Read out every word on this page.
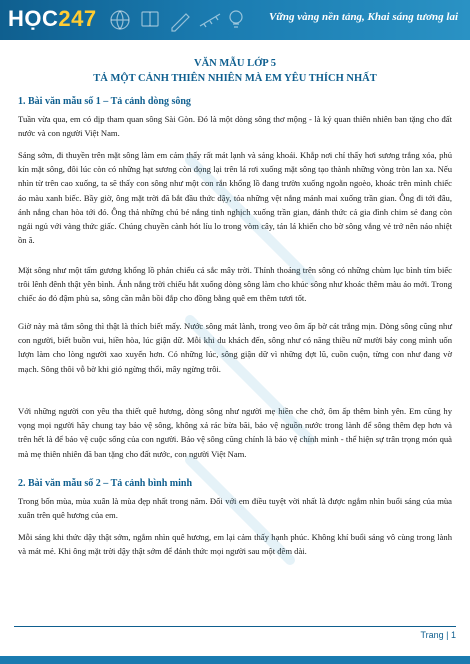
HỌC247	Vững vàng nền tảng, Khai sáng tương lai
VĂN MẪU LỚP 5
TẢ MỘT CẢNH THIÊN NHIÊN MÀ EM YÊU THÍCH NHẤT
1. Bài văn mẫu số 1 – Tả cảnh dòng sông

Tuần vừa qua, em có dịp tham quan sông Sài Gòn. Đó là một dòng sông thơ mộng - là ký quan thiên nhiên ban tặng cho đất nước và con người Việt Nam.

Sáng sớm, đi thuyền trên mặt sông làm em cảm thấy rất mát lạnh và sảng khoái. Khắp nơi chỉ thấy hơi sương trắng xóa, phủ kín mặt sông, đôi lúc còn có những hạt sương còn đọng lại trên lá rơi xuống mặt sông tạo thành những vòng tròn lan xa. Nếu nhìn từ trên cao xuống, ta sẽ thấy con sông như một con rắn khổng lồ đang trườn xuống ngoằn ngoèo, khoác trên mình chiếc áo màu xanh biếc. Bầy giờ, ông mặt trời đã bắt đầu thức dậy, tỏa những vệt nắng mảnh mai xuống trần gian. Ông đi tới đâu, ánh nắng chan hòa tới đó. Ông thả những chú bé nắng tinh nghịch xuống trần gian, đánh thức cả gia đình chim sẻ đang còn ngái ngủ với vàng thức giấc. Chúng chuyền cành hót líu lo trong vòm cây, tán lá khiến cho bờ sông vắng vẻ trở nên náo nhiệt ồn ã.

Mặt sông như một tấm gương khổng lồ phản chiếu cả sắc mây trời. Thỉnh thoảng trên sông có những chùm lục bình tím biếc trôi lênh đênh thật yên bình. Ánh nắng trời chiếu hắt xuống dòng sông làm cho khúc sông như khoác thêm màu áo mới. Trong chiếc áo đỏ đậm phù sa, sông cần mẫn bồi đắp cho đồng bằng quê em thêm tươi tốt.

Giờ này mà tắm sông thì thật là thích biết mấy. Nước sông mát lành, trong veo ôm ấp bờ cát trắng mịn. Dòng sông cũng như con người, biết buồn vui, hiền hòa, lúc giận dữ. Mỗi khi du khách đến, sông như có năng thiều nữ mười bảy cong mình uốn lượn làm cho lòng người xao xuyến hơn. Có những lúc, sông giận dữ vì những đợt lũ, cuồn cuộn, từng con như đang vờ mạch. Sông thôi vỗ bờ khi gió ngừng thổi, mây ngừng trôi.

Với những người con yêu tha thiết quê hương, dòng sông như người mẹ hiền che chở, ôm ấp thêm bình yên. Em cũng hy vọng mọi người hãy chung tay bảo vệ sông, không xả rác bừa bãi, bảo vệ nguồn nước trong lành để sông thêm đẹp hơn và trên hết là để bảo vệ cuộc sống của con người. Bảo vệ sông cũng chính là bảo vệ chính mình - thể hiện sự trân trọng món quà mà mẹ thiên nhiên đã ban tặng cho đất nước, con người Việt Nam.

2. Bài văn mẫu số 2 – Tả cảnh bình minh

Trong bốn mùa, mùa xuân là mùa đẹp nhất trong năm. Đối với em điều tuyệt vời nhất là được ngắm nhìn buổi sáng của mùa xuân trên quê hương của em.

Mỗi sáng khi thức dậy thật sớm, ngắm nhìn quê hương, em lại cảm thấy hạnh phúc. Không khí buổi sáng vô cùng trong lành và mát mẻ. Khi ông mặt trời dậy thật sớm để đánh thức mọi người sau một đêm dài.

Trang | 1
